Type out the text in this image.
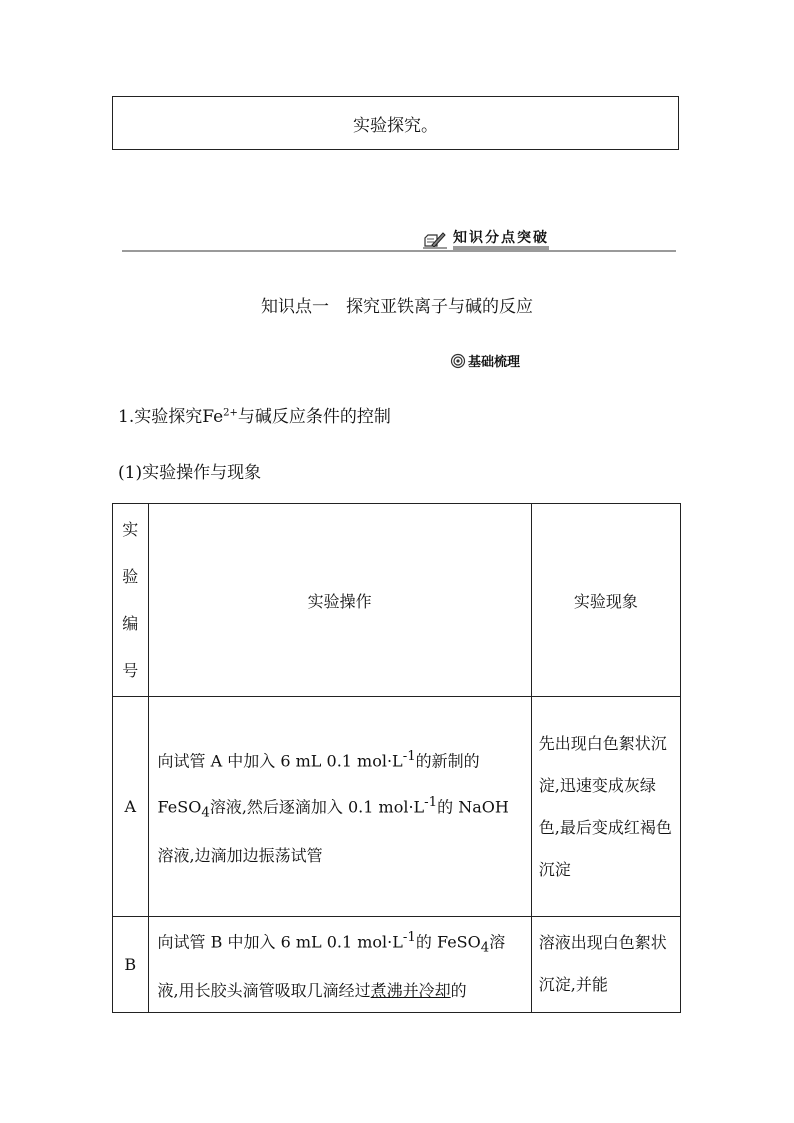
实验探究。
知识分点突破
知识点一　探究亚铁离子与碱的反应
基础梳理
1.实验探究$Fe^{2+}$与碱反应条件的控制
(1)实验操作与现象
实
验
编
号	实验操作	实验现象
A	向试管 A 中加入 6 mL 0.1 $mol\cdot L^{-1}$的新制的 FeSO$_4$溶液,然后逐滴加入 0.1 $mol\cdot L^{-1}$的 NaOH 溶液,边滴加边振荡试管	先出现白色絮状沉淀,迅速变成灰绿色,最后变成红褐色沉淀
B	向试管 B 中加入 6 mL 0.1 $mol\cdot L^{-1}$的 FeSO$_4$溶液,用长胶头滴管吸取几滴经过煮沸并冷却的	溶液出现白色絮状沉淀,并能
